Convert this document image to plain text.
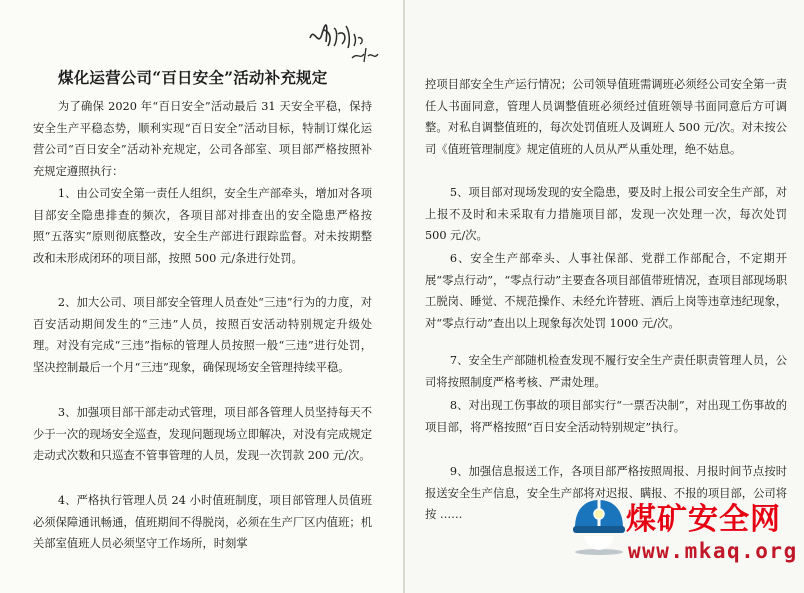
煤化运营公司“百日安全”活动补充规定

为了确保 2020 年“百日安全”活动最后 31 天安全平稳，保持安全生产平稳态势，顺利实现“百日安全”活动目标，特制订煤化运营公司“百日安全”活动补充规定，公司各部室、项目部严格按照补充规定遵照执行：

1、由公司安全第一责任人组织，安全生产部牵头，增加对各项目部安全隐患排查的频次，各项目部对排查出的安全隐患严格按照“五落实”原则彻底整改，安全生产部进行跟踪监督。对未按期整改和未形成闭环的项目部，按照 500 元/条进行处罚。

2、加大公司、项目部安全管理人员查处“三违”行为的力度，对百安活动期间发生的“三违”人员，按照百安活动特别规定升级处理。对没有完成“三违”指标的管理人员按照一般“三违”进行处罚，坚决控制最后一个月“三违”现象，确保现场安全管理持续平稳。

3、加强项目部干部走动式管理，项目部各管理人员坚持每天不少于一次的现场安全巡查，发现问题现场立即解决，对没有完成规定走动式次数和只巡查不管事管理的人员，发现一次罚款 200 元/次。

4、严格执行管理人员 24 小时值班制度，项目部管理人员值班必须保障通讯畅通，值班期间不得脱岗，必须在生产厂区内值班；机关部室值班人员必须坚守工作场所，时刻掌

控项目部安全生产运行情况；公司领导值班需调班必须经公司安全第一责任人书面同意，管理人员调整值班必须经过值班领导书面同意后方可调整。对私自调整值班的，每次处罚值班人及调班人 500 元/次。对未按公司《值班管理制度》规定值班的人员从严从重处理，绝不姑息。

5、项目部对现场发现的安全隐患，要及时上报公司安全生产部，对上报不及时和未采取有力措施项目部，发现一次处理一次，每次处罚 500 元/次。

6、安全生产部牵头、人事社保部、党群工作部配合，不定期开展“零点行动”，“零点行动”主要查各项目部值带班情况，查项目部现场职工脱岗、睡觉、不规范操作、未经允许替班、酒后上岗等违章违纪现象，对“零点行动”查出以上现象每次处罚 1000 元/次。

7、安全生产部随机检查发现不履行安全生产责任职责管理人员，公司将按照制度严格考核、严肃处理。

8、对出现工伤事故的项目部实行“一票否决制”，对出现工伤事故的项目部，将严格按照“百日安全活动特别规定”执行。

9、加强信息报送工作，各项目部严格按照周报、月报时间节点按时报送安全生产信息，安全生产部将对迟报、瞒报、不报的项目部，公司将按 ……	煤矿安全网
www.mkaq.org
